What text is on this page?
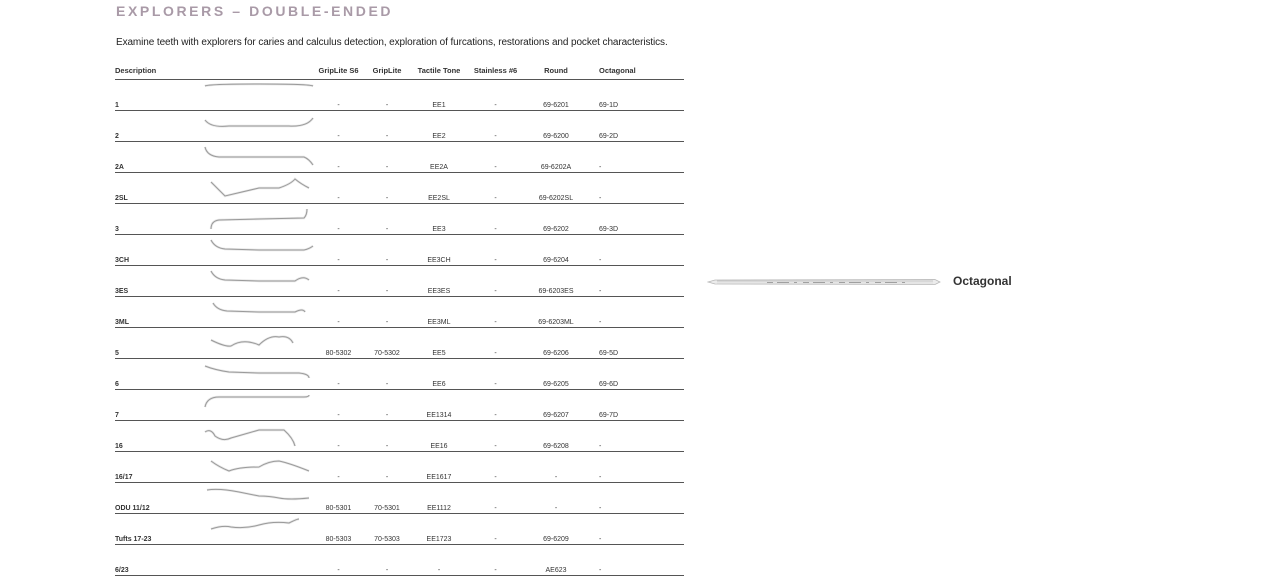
EXPLORERS – DOUBLE-ENDED
Examine teeth with explorers for caries and calculus detection, exploration of furcations, restorations and pocket characteristics.
Description		GripLite S6	GripLite	Tactile Tone	Stainless #6	Round	Octagonal
1		-	-	EE1	-	69-6201	69-1D
2		-	-	EE2	-	69-6200	69-2D
2A		-	-	EE2A	-	69-6202A	-
2SL		-	-	EE2SL	-	69-6202SL	-
3		-	-	EE3	-	69-6202	69-3D
3CH		-	-	EE3CH	-	69-6204	-
3ES		-	-	EE3ES	-	69-6203ES	-
3ML		-	-	EE3ML	-	69-6203ML	-
5		80-5302	70-5302	EE5	-	69-6206	69-5D
6		-	-	EE6	-	69-6205	69-6D
7		-	-	EE1314	-	69-6207	69-7D
16		-	-	EE16	-	69-6208	-
16/17		-	-	EE1617	-	-	-
ODU 11/12		80-5301	70-5301	EE1112	-	-	-
Tufts 17-23		80-5303	70-5303	EE1723	-	69-6209	-
6/23		-	-	-	-	AE623	-
Octagonal
